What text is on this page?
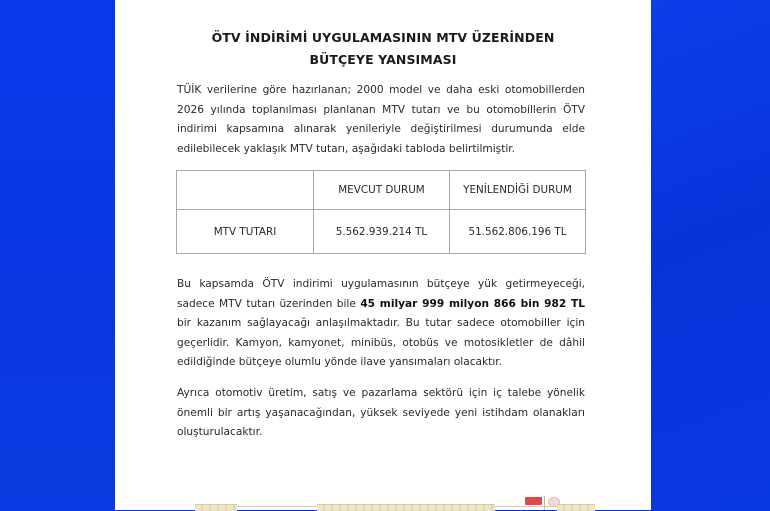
ÖTV İNDİRİMİ UYGULAMASININ MTV ÜZERİNDEN
BÜTÇEYE YANSIMASI
TÜİK verilerine göre hazırlanan; 2000 model ve daha eski otomobillerden
2026 yılında toplanılması planlanan MTV tutarı ve bu otomobillerin ÖTV
indirimi kapsamına alınarak yenileriyle değiştirilmesi durumunda elde
edilebilecek yaklaşık MTV tutarı, aşağıdaki tabloda belirtilmiştir.
	MEVCUT DURUM	YENİLENDİĞİ DURUM
MTV TUTARI	5.562.939.214 TL	51.562.806.196 TL
Bu kapsamda ÖTV indirimi uygulamasının bütçeye yük getirmeyeceği,
sadece MTV tutarı üzerinden bile 45 milyar 999 milyon 866 bin 982 TL
bir kazanım sağlayacağı anlaşılmaktadır. Bu tutar sadece otomobiller için
geçerlidir. Kamyon, kamyonet, minibüs, otobüs ve motosikletler de dâhil
edildiğinde bütçeye olumlu yönde ilave yansımaları olacaktır.
Ayrıca otomotiv üretim, satış ve pazarlama sektörü için iç talebe yönelik
önemli bir artış yaşanacağından, yüksek seviyede yeni istihdam olanakları
oluşturulacaktır.
